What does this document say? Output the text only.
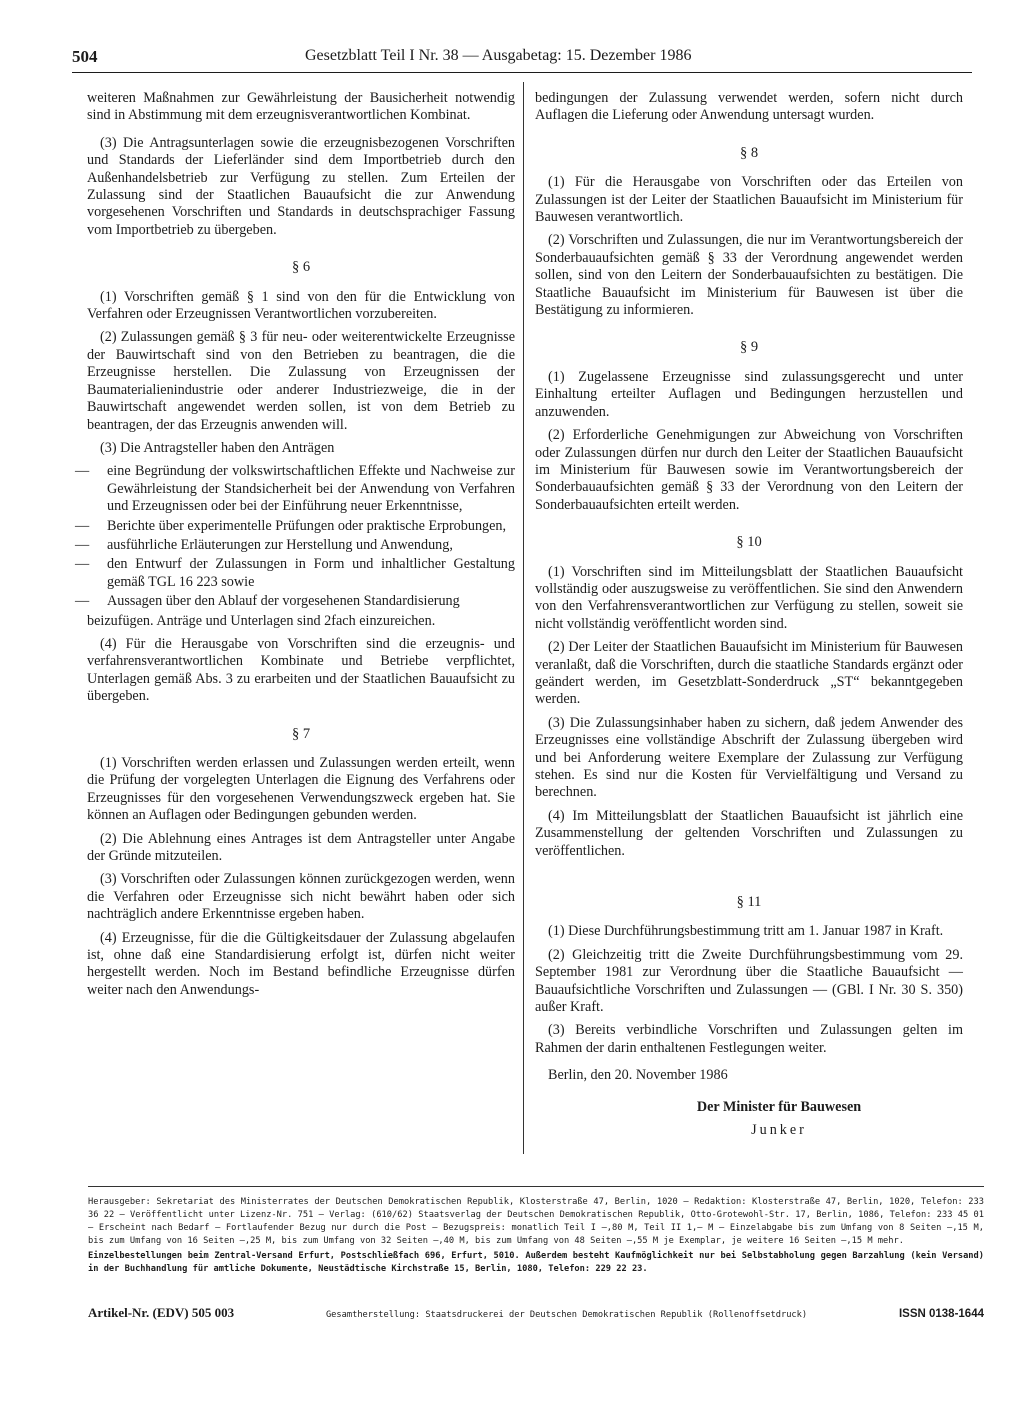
504	Gesetzblatt Teil I Nr. 38 — Ausgabetag: 15. Dezember 1986

weiteren Maßnahmen zur Gewährleistung der Bausicherheit notwendig sind in Abstimmung mit dem erzeugnisverantwortlichen Kombinat.

(3) Die Antragsunterlagen sowie die erzeugnisbezogenen Vorschriften und Standards der Lieferländer sind dem Importbetrieb durch den Außenhandelsbetrieb zur Verfügung zu stellen. Zum Erteilen der Zulassung sind der Staatlichen Bauaufsicht die zur Anwendung vorgesehenen Vorschriften und Standards in deutschsprachiger Fassung vom Importbetrieb zu übergeben.

§ 6

(1) Vorschriften gemäß § 1 sind von den für die Entwicklung von Verfahren oder Erzeugnissen Verantwortlichen vorzubereiten.

(2) Zulassungen gemäß § 3 für neu- oder weiterentwickelte Erzeugnisse der Bauwirtschaft sind von den Betrieben zu beantragen, die die Erzeugnisse herstellen. Die Zulassung von Erzeugnissen der Baumaterialienindustrie oder anderer Industriezweige, die in der Bauwirtschaft angewendet werden sollen, ist von dem Betrieb zu beantragen, der das Erzeugnis anwenden will.

(3) Die Antragsteller haben den Anträgen

— eine Begründung der volkswirtschaftlichen Effekte und Nachweise zur Gewährleistung der Standsicherheit bei der Anwendung von Verfahren und Erzeugnissen oder bei der Einführung neuer Erkenntnisse,
— Berichte über experimentelle Prüfungen oder praktische Erprobungen,
— ausführliche Erläuterungen zur Herstellung und Anwendung,
— den Entwurf der Zulassungen in Form und inhaltlicher Gestaltung gemäß TGL 16 223 sowie
— Aussagen über den Ablauf der vorgesehenen Standardisierung

beizufügen. Anträge und Unterlagen sind 2fach einzureichen.

(4) Für die Herausgabe von Vorschriften sind die erzeugnis- und verfahrensverantwortlichen Kombinate und Betriebe verpflichtet, Unterlagen gemäß Abs. 3 zu erarbeiten und der Staatlichen Bauaufsicht zu übergeben.

§ 7

(1) Vorschriften werden erlassen und Zulassungen werden erteilt, wenn die Prüfung der vorgelegten Unterlagen die Eignung des Verfahrens oder Erzeugnisses für den vorgesehenen Verwendungszweck ergeben hat. Sie können an Auflagen oder Bedingungen gebunden werden.

(2) Die Ablehnung eines Antrages ist dem Antragsteller unter Angabe der Gründe mitzuteilen.

(3) Vorschriften oder Zulassungen können zurückgezogen werden, wenn die Verfahren oder Erzeugnisse sich nicht bewährt haben oder sich nachträglich andere Erkenntnisse ergeben haben.

(4) Erzeugnisse, für die die Gültigkeitsdauer der Zulassung abgelaufen ist, ohne daß eine Standardisierung erfolgt ist, dürfen nicht weiter hergestellt werden. Noch im Bestand befindliche Erzeugnisse dürfen weiter nach den Anwendungs-

bedingungen der Zulassung verwendet werden, sofern nicht durch Auflagen die Lieferung oder Anwendung untersagt wurden.

§ 8

(1) Für die Herausgabe von Vorschriften oder das Erteilen von Zulassungen ist der Leiter der Staatlichen Bauaufsicht im Ministerium für Bauwesen verantwortlich.

(2) Vorschriften und Zulassungen, die nur im Verantwortungsbereich der Sonderbauaufsichten gemäß § 33 der Verordnung angewendet werden sollen, sind von den Leitern der Sonderbauaufsichten zu bestätigen. Die Staatliche Bauaufsicht im Ministerium für Bauwesen ist über die Bestätigung zu informieren.

§ 9

(1) Zugelassene Erzeugnisse sind zulassungsgerecht und unter Einhaltung erteilter Auflagen und Bedingungen herzustellen und anzuwenden.

(2) Erforderliche Genehmigungen zur Abweichung von Vorschriften oder Zulassungen dürfen nur durch den Leiter der Staatlichen Bauaufsicht im Ministerium für Bauwesen sowie im Verantwortungsbereich der Sonderbauaufsichten gemäß § 33 der Verordnung von den Leitern der Sonderbauaufsichten erteilt werden.

§ 10

(1) Vorschriften sind im Mitteilungsblatt der Staatlichen Bauaufsicht vollständig oder auszugsweise zu veröffentlichen. Sie sind den Anwendern von den Verfahrensverantwortlichen zur Verfügung zu stellen, soweit sie nicht vollständig veröffentlicht worden sind.

(2) Der Leiter der Staatlichen Bauaufsicht im Ministerium für Bauwesen veranlaßt, daß die Vorschriften, durch die staatliche Standards ergänzt oder geändert werden, im Gesetzblatt-Sonderdruck „ST“ bekanntgegeben werden.

(3) Die Zulassungsinhaber haben zu sichern, daß jedem Anwender des Erzeugnisses eine vollständige Abschrift der Zulassung übergeben wird und bei Anforderung weitere Exemplare der Zulassung zur Verfügung stehen. Es sind nur die Kosten für Vervielfältigung und Versand zu berechnen.

(4) Im Mitteilungsblatt der Staatlichen Bauaufsicht ist jährlich eine Zusammenstellung der geltenden Vorschriften und Zulassungen zu veröffentlichen.

§ 11

(1) Diese Durchführungsbestimmung tritt am 1. Januar 1987 in Kraft.

(2) Gleichzeitig tritt die Zweite Durchführungsbestimmung vom 29. September 1981 zur Verordnung über die Staatliche Bauaufsicht — Bauaufsichtliche Vorschriften und Zulassungen — (GBl. I Nr. 30 S. 350) außer Kraft.

(3) Bereits verbindliche Vorschriften und Zulassungen gelten im Rahmen der darin enthaltenen Festlegungen weiter.

Berlin, den 20. November 1986

Der Minister für Bauwesen

Junker

Herausgeber: Sekretariat des Ministerrates der Deutschen Demokratischen Republik, Klosterstraße 47, Berlin, 1020 — Redaktion: Klosterstraße 47, Berlin, 1020, Telefon: 233 36 22 — Veröffentlicht unter Lizenz-Nr. 751 — Verlag: (610/62) Staatsverlag der Deutschen Demokratischen Republik, Otto-Grotewohl-Str. 17, Berlin, 1086, Telefon: 233 45 01 — Erscheint nach Bedarf — Fortlaufender Bezug nur durch die Post — Bezugspreis: monatlich Teil I —,80 M, Teil II 1,— M — Einzelabgabe bis zum Umfang von 8 Seiten —,15 M, bis zum Umfang von 16 Seiten —,25 M, bis zum Umfang von 32 Seiten —,40 M, bis zum Umfang von 48 Seiten —,55 M je Exemplar, je weitere 16 Seiten —,15 M mehr.

Einzelbestellungen beim Zentral-Versand Erfurt, Postschließfach 696, Erfurt, 5010. Außerdem besteht Kaufmöglichkeit nur bei Selbstabholung gegen Barzahlung (kein Versand) in der Buchhandlung für amtliche Dokumente, Neustädtische Kirchstraße 15, Berlin, 1080, Telefon: 229 22 23.

Artikel-Nr. (EDV) 505 003	Gesamtherstellung: Staatsdruckerei der Deutschen Demokratischen Republik (Rollenoffsetdruck)	ISSN 0138-1644
